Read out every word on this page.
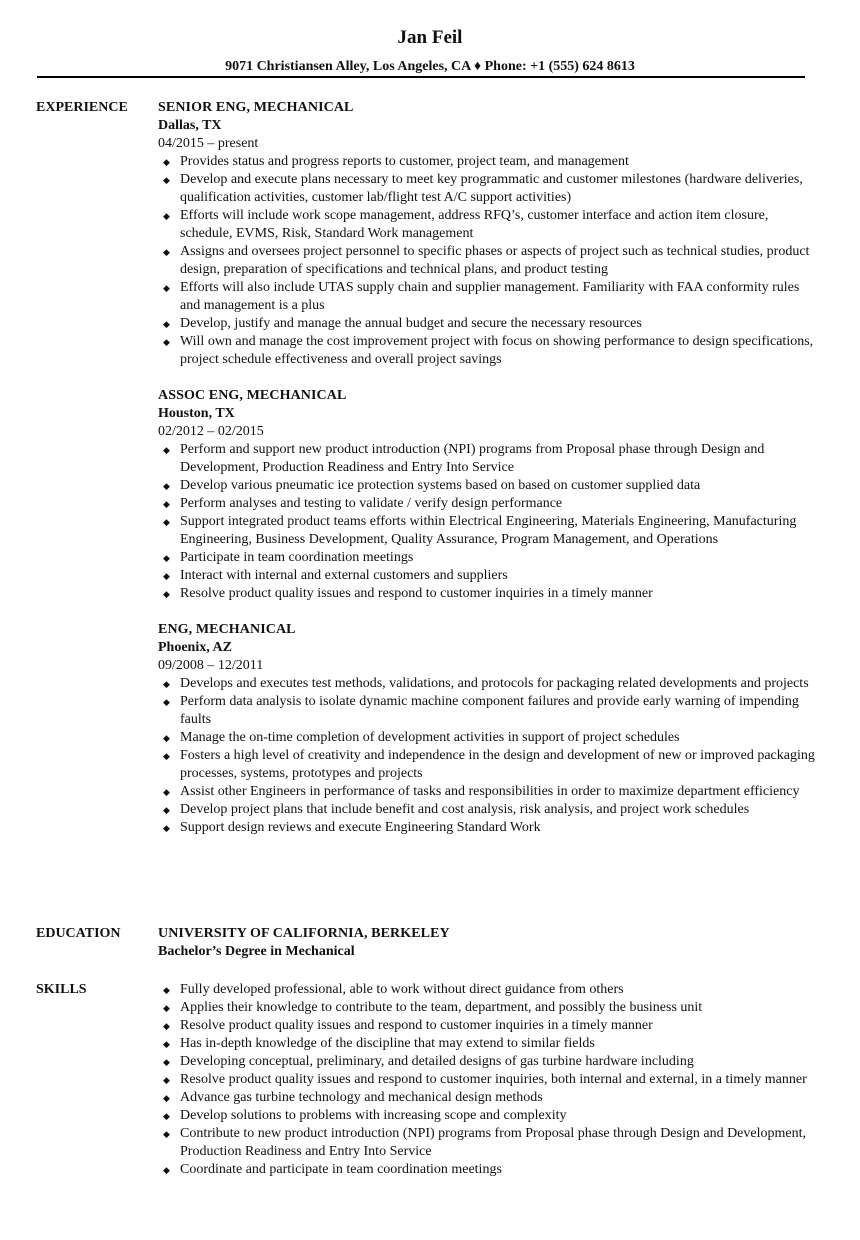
Jan Feil
9071 Christiansen Alley, Los Angeles, CA ♦ Phone: +1 (555) 624 8613
EXPERIENCE SENIOR ENG, MECHANICAL
Dallas, TX
04/2015 – present
◆ Provides status and progress reports to customer, project team, and management
◆ Develop and execute plans necessary to meet key programmatic and customer milestones (hardware deliveries, qualification activities, customer lab/flight test A/C support activities)
◆ Efforts will include work scope management, address RFQ’s, customer interface and action item closure, schedule, EVMS, Risk, Standard Work management
◆ Assigns and oversees project personnel to specific phases or aspects of project such as technical studies, product design, preparation of specifications and technical plans, and product testing
◆ Efforts will also include UTAS supply chain and supplier management. Familiarity with FAA conformity rules and management is a plus
◆ Develop, justify and manage the annual budget and secure the necessary resources
◆ Will own and manage the cost improvement project with focus on showing performance to design specifications, project schedule effectiveness and overall project savings
ASSOC ENG, MECHANICAL
Houston, TX
02/2012 – 02/2015
◆ Perform and support new product introduction (NPI) programs from Proposal phase through Design and Development, Production Readiness and Entry Into Service
◆ Develop various pneumatic ice protection systems based on based on customer supplied data
◆ Perform analyses and testing to validate / verify design performance
◆ Support integrated product teams efforts within Electrical Engineering, Materials Engineering, Manufacturing Engineering, Business Development, Quality Assurance, Program Management, and Operations
◆ Participate in team coordination meetings
◆ Interact with internal and external customers and suppliers
◆ Resolve product quality issues and respond to customer inquiries in a timely manner
ENG, MECHANICAL
Phoenix, AZ
09/2008 – 12/2011
◆ Develops and executes test methods, validations, and protocols for packaging related developments and projects
◆ Perform data analysis to isolate dynamic machine component failures and provide early warning of impending faults
◆ Manage the on-time completion of development activities in support of project schedules
◆ Fosters a high level of creativity and independence in the design and development of new or improved packaging processes, systems, prototypes and projects
◆ Assist other Engineers in performance of tasks and responsibilities in order to maximize department efficiency
◆ Develop project plans that include benefit and cost analysis, risk analysis, and project work schedules
◆ Support design reviews and execute Engineering Standard Work
EDUCATION	UNIVERSITY OF CALIFORNIA, BERKELEY
Bachelor’s Degree in Mechanical
SKILLS	◆ Fully developed professional, able to work without direct guidance from others
◆ Applies their knowledge to contribute to the team, department, and possibly the business unit
◆ Resolve product quality issues and respond to customer inquiries in a timely manner
◆ Has in-depth knowledge of the discipline that may extend to similar fields
◆ Developing conceptual, preliminary, and detailed designs of gas turbine hardware including
◆ Resolve product quality issues and respond to customer inquiries, both internal and external, in a timely manner
◆ Advance gas turbine technology and mechanical design methods
◆ Develop solutions to problems with increasing scope and complexity
◆ Contribute to new product introduction (NPI) programs from Proposal phase through Design and Development, Production Readiness and Entry Into Service
◆ Coordinate and participate in team coordination meetings
